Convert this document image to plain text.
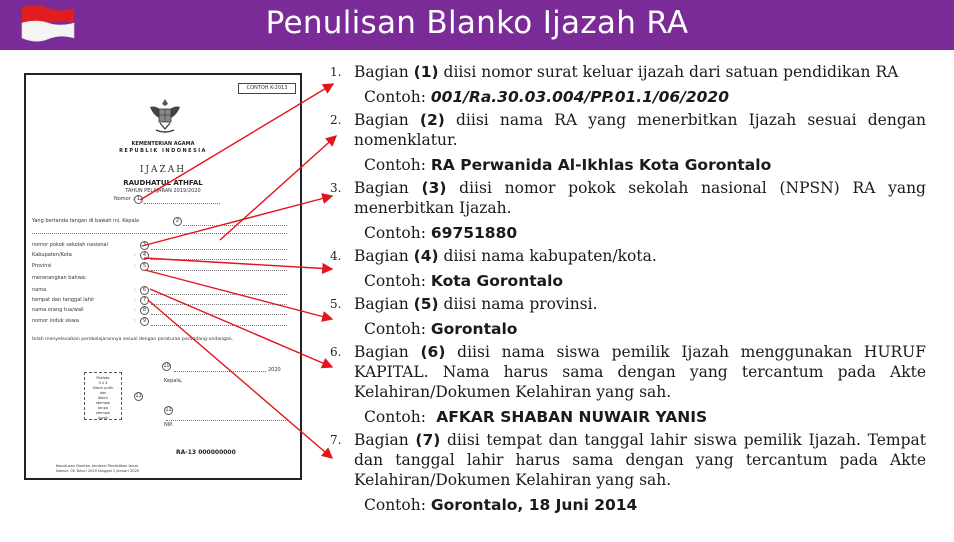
Penulisan Blanko Ijazah RA
CONTOH K-2013
KEMENTERIAN AGAMA
REPUBLIK INDONESIA
IJAZAH
RAUDHATUL ATHFAL
TAHUN PELAJARAN 2019/2020
Nomor : 1
Yang bertanda tangan di bawah ini, Kepala	2
nomor pokok sekolah nasional	3
Kabupaten/Kota	:	4
Provinsi	:	5
menerangkan bahwa:
nama	:	6
tempat dan tanggal lahir	:	7
nama orang tua/wali	:	8
nomor induk siswa	:	9
telah menyelesaikan pembelajarannya sesuai dengan peraturan perundang-undangan.
10
2020
Kepala,
Pasfoto
3 x 4
hitam putih
dan
diberi
stempel
tanpa
stempel
ijazah
11
12
NIP.
RA-13 000000000
Keputusan Direktur Jenderal Pendidikan Islam
Nomor: 00 Tahun 2020 tanggal 1 Januari 2020
1. Bagian (1) diisi nomor surat keluar ijazah dari satuan pendidikan RA

Contoh: 001/Ra.30.03.004/PP.01.1/06/2020
2. Bagian (2) diisi nama RA yang menerbitkan Ijazah sesuai dengan nomenklatur.

Contoh: RA Perwanida Al-Ikhlas Kota Gorontalo
3. Bagian (3) diisi nomor pokok sekolah nasional (NPSN) RA yang menerbitkan Ijazah.

Contoh: 69751880
4. Bagian (4) diisi nama kabupaten/kota.

Contoh: Kota Gorontalo
5. Bagian (5) diisi nama provinsi.

Contoh: Gorontalo
6. Bagian (6) diisi nama siswa pemilik Ijazah menggunakan HURUF KAPITAL. Nama harus sama dengan yang tercantum pada Akte Kelahiran/Dokumen Kelahiran yang sah.

Contoh:  AFKAR SHABAN NUWAIR YANIS
7. Bagian (7) diisi tempat dan tanggal lahir siswa pemilik Ijazah. Tempat dan tanggal lahir harus sama dengan yang tercantum pada Akte Kelahiran/Dokumen Kelahiran yang sah.

Contoh: Gorontalo, 18 Juni 2014
